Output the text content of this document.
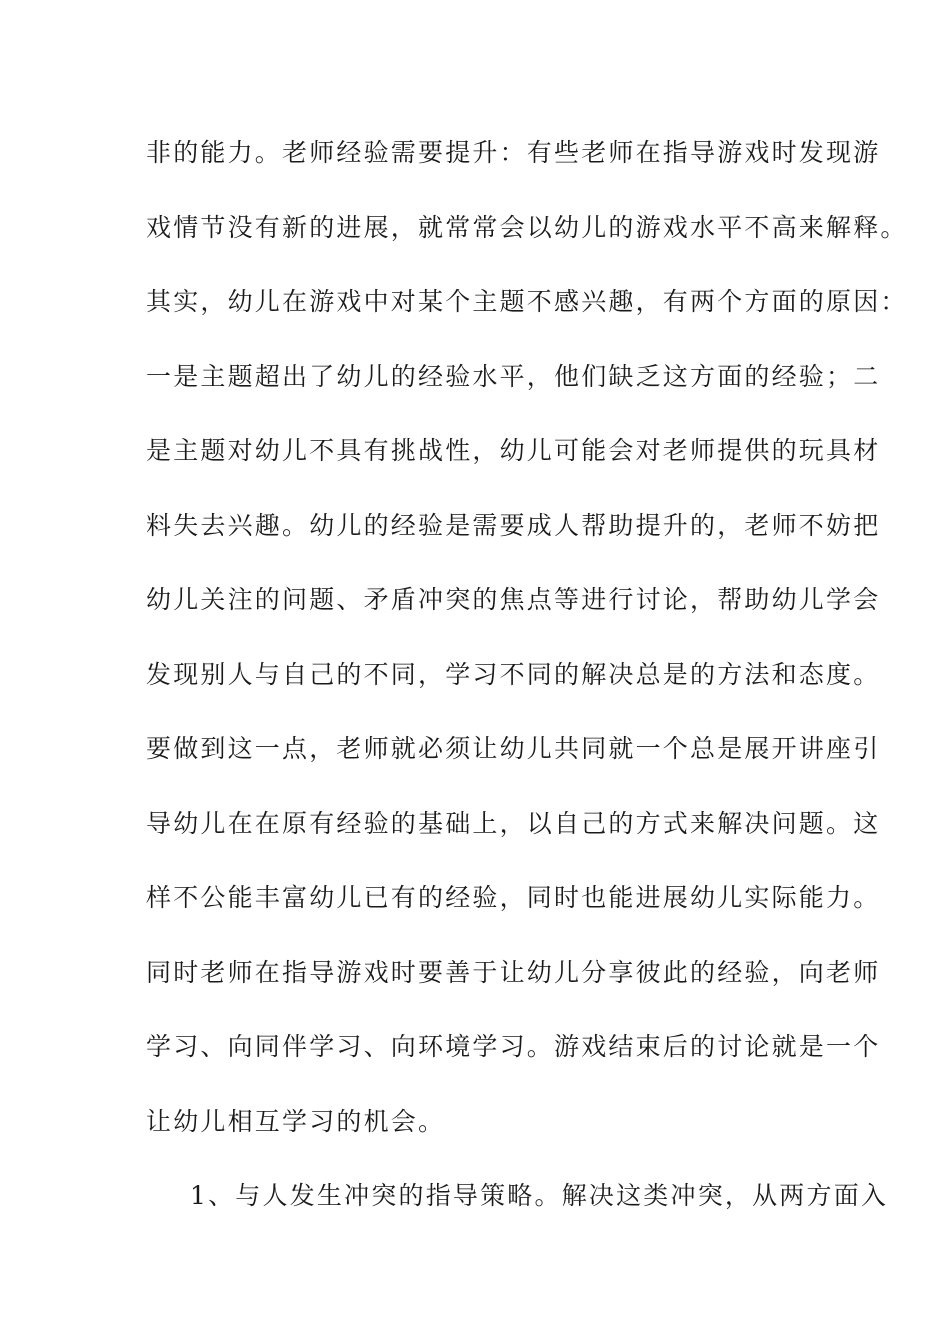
非的能力。老师经验需要提升：有些老师在指导游戏时发现游
戏情节没有新的进展，就常常会以幼儿的游戏水平不高来解释。
其实，幼儿在游戏中对某个主题不感兴趣，有两个方面的原因：
一是主题超出了幼儿的经验水平，他们缺乏这方面的经验；二
是主题对幼儿不具有挑战性，幼儿可能会对老师提供的玩具材
料失去兴趣。幼儿的经验是需要成人帮助提升的，老师不妨把
幼儿关注的问题、矛盾冲突的焦点等进行讨论，帮助幼儿学会
发现别人与自己的不同，学习不同的解决总是的方法和态度。
要做到这一点，老师就必须让幼儿共同就一个总是展开讲座引
导幼儿在在原有经验的基础上，以自己的方式来解决问题。这
样不公能丰富幼儿已有的经验，同时也能进展幼儿实际能力。
同时老师在指导游戏时要善于让幼儿分享彼此的经验，向老师
学习、向同伴学习、向环境学习。游戏结束后的讨论就是一个
让幼儿相互学习的机会。
1、与人发生冲突的指导策略。解决这类冲突，从两方面入
